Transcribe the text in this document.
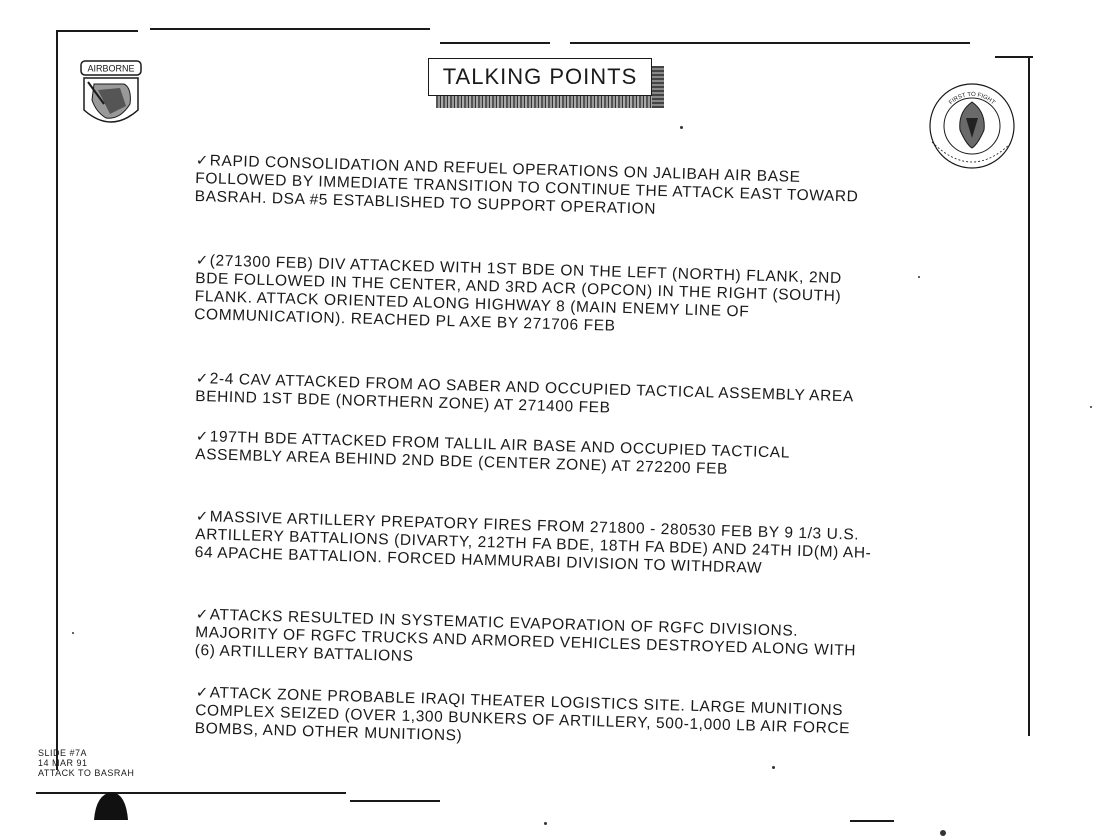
AIRBORNE	TALKING POINTS
FIRST TO FIGHT
✓RAPID CONSOLIDATION AND REFUEL OPERATIONS ON JALIBAH AIR BASE FOLLOWED BY IMMEDIATE TRANSITION TO CONTINUE THE ATTACK EAST TOWARD BASRAH. DSA #5 ESTABLISHED TO SUPPORT OPERATION
✓(271300 FEB) DIV ATTACKED WITH 1ST BDE ON THE LEFT (NORTH) FLANK, 2ND BDE FOLLOWED IN THE CENTER, AND 3RD ACR (OPCON) IN THE RIGHT (SOUTH) FLANK. ATTACK ORIENTED ALONG HIGHWAY 8 (MAIN ENEMY LINE OF COMMUNICATION). REACHED PL AXE BY 271706 FEB
✓2-4 CAV ATTACKED FROM AO SABER AND OCCUPIED TACTICAL ASSEMBLY AREA BEHIND 1ST BDE (NORTHERN ZONE) AT 271400 FEB
✓197TH BDE ATTACKED FROM TALLIL AIR BASE AND OCCUPIED TACTICAL ASSEMBLY AREA BEHIND 2ND BDE (CENTER ZONE) AT 272200 FEB
✓MASSIVE ARTILLERY PREPATORY FIRES FROM 271800 - 280530 FEB BY 9 1/3 U.S. ARTILLERY BATTALIONS (DIVARTY, 212TH FA BDE, 18TH FA BDE) AND 24TH ID(M) AH-64 APACHE BATTALION. FORCED HAMMURABI DIVISION TO WITHDRAW
✓ATTACKS RESULTED IN SYSTEMATIC EVAPORATION OF RGFC DIVISIONS. MAJORITY OF RGFC TRUCKS AND ARMORED VEHICLES DESTROYED ALONG WITH (6) ARTILLERY BATTALIONS
✓ATTACK ZONE PROBABLE IRAQI THEATER LOGISTICS SITE. LARGE MUNITIONS COMPLEX SEIZED (OVER 1,300 BUNKERS OF ARTILLERY, 500-1,000 LB AIR FORCE BOMBS, AND OTHER MUNITIONS)
SLIDE #7A
14 MAR 91
ATTACK TO BASRAH
